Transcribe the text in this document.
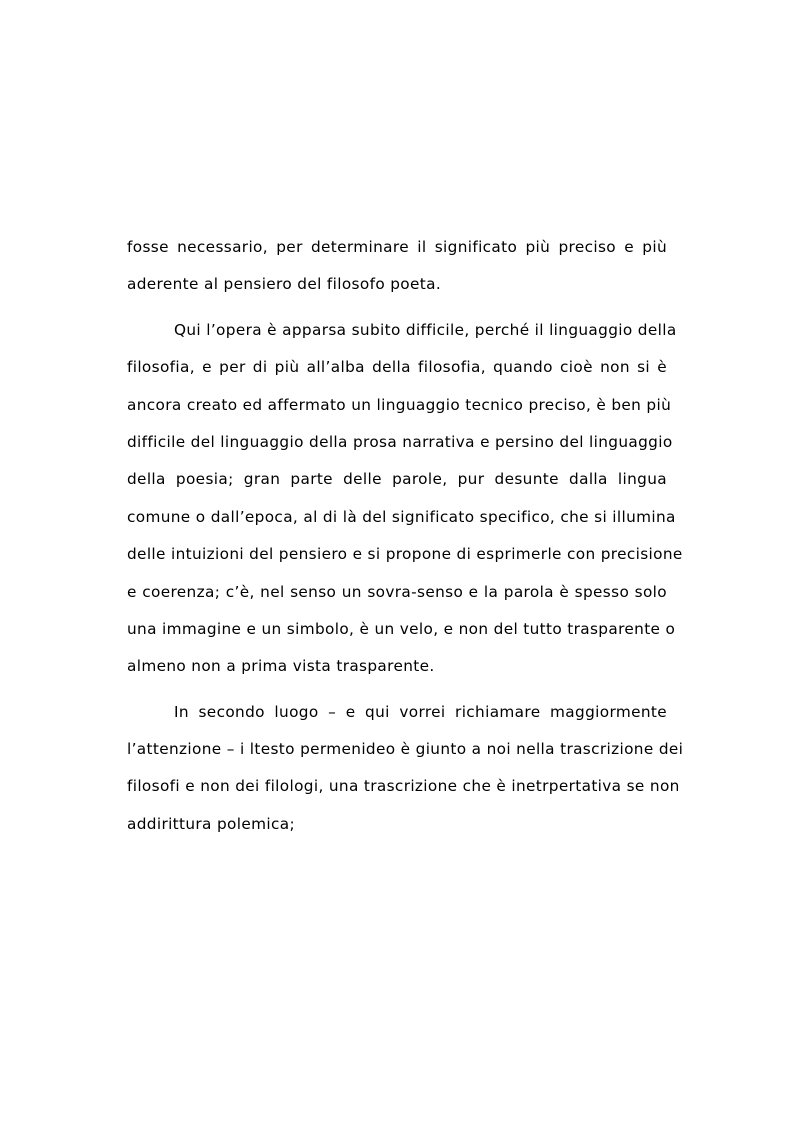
fosse necessario, per determinare il significato più preciso e più
aderente al pensiero del filosofo poeta.

Qui l’opera è apparsa subito difficile, perché il linguaggio della
filosofia, e per di più all’alba della filosofia, quando cioè non si è
ancora creato ed affermato un linguaggio tecnico preciso, è ben più
difficile del linguaggio della prosa narrativa e persino del linguaggio
della poesia; gran parte delle parole, pur desunte dalla lingua
comune o dall’epoca, al di là del significato specifico, che si illumina
delle intuizioni del pensiero e si propone di esprimerle con precisione
e coerenza; c’è, nel senso un sovra-senso e la parola è spesso solo
una immagine e un simbolo, è un velo, e non del tutto trasparente o
almeno non a prima vista trasparente.

In secondo luogo – e qui vorrei richiamare maggiormente
l’attenzione – i ltesto permenideo è giunto a noi nella trascrizione dei
filosofi e non dei filologi, una trascrizione che è inetrpertativa se non
addirittura polemica;
